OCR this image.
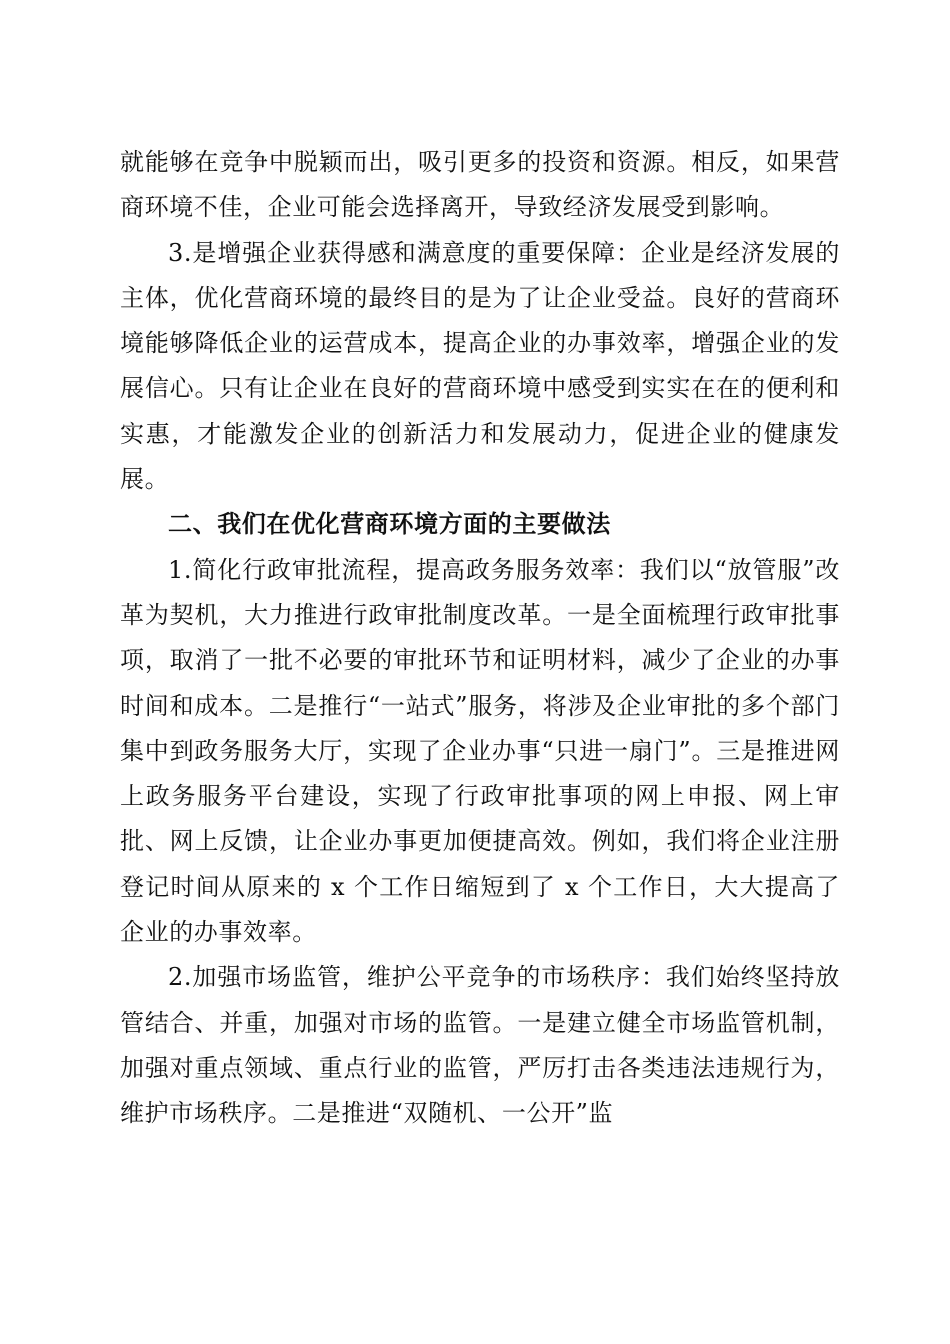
就能够在竞争中脱颖而出，吸引更多的投资和资源。相反，如果营商环境不佳，企业可能会选择离开，导致经济发展受到影响。

3.是增强企业获得感和满意度的重要保障：企业是经济发展的主体，优化营商环境的最终目的是为了让企业受益。良好的营商环境能够降低企业的运营成本，提高企业的办事效率，增强企业的发展信心。只有让企业在良好的营商环境中感受到实实在在的便利和实惠，才能激发企业的创新活力和发展动力，促进企业的健康发展。

二、我们在优化营商环境方面的主要做法

1.简化行政审批流程，提高政务服务效率：我们以“放管服”改革为契机，大力推进行政审批制度改革。一是全面梳理行政审批事项，取消了一批不必要的审批环节和证明材料，减少了企业的办事时间和成本。二是推行“一站式”服务，将涉及企业审批的多个部门集中到政务服务大厅，实现了企业办事“只进一扇门”。三是推进网上政务服务平台建设，实现了行政审批事项的网上申报、网上审批、网上反馈，让企业办事更加便捷高效。例如，我们将企业注册登记时间从原来的 x 个工作日缩短到了 x 个工作日，大大提高了企业的办事效率。

2.加强市场监管，维护公平竞争的市场秩序：我们始终坚持放管结合、并重，加强对市场的监管。一是建立健全市场监管机制，加强对重点领域、重点行业的监管，严厉打击各类违法违规行为，维护市场秩序。二是推进“双随机、一公开”监
